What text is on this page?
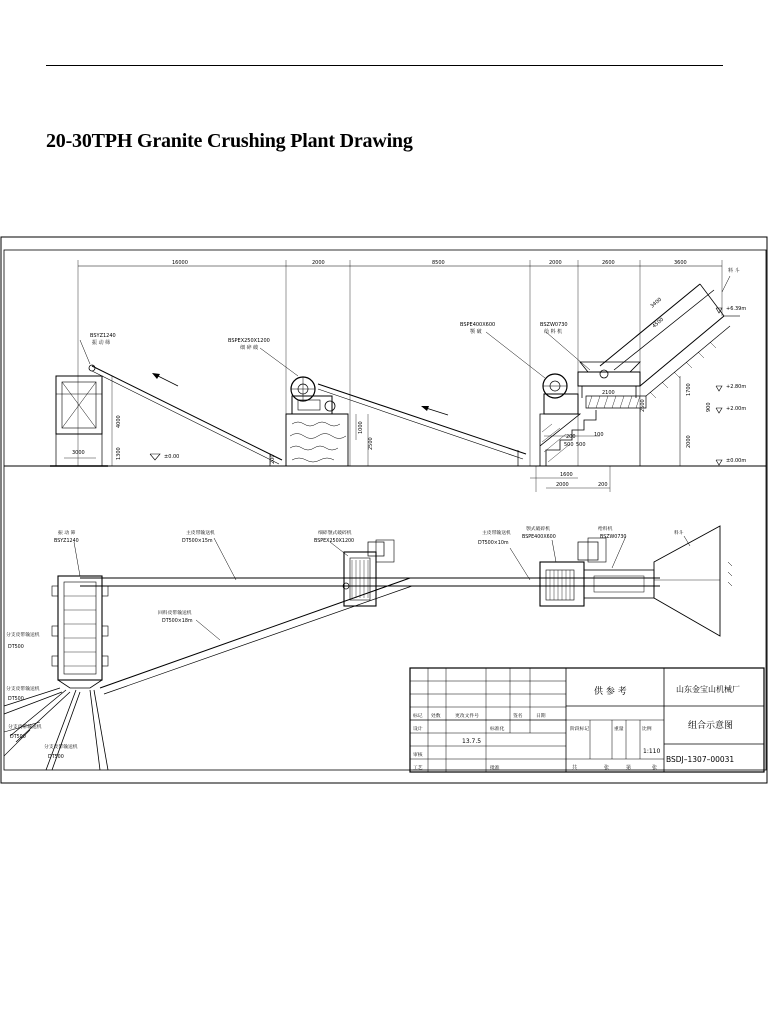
20-30TPH Granite Crushing Plant Drawing
16000	2000	8500	2000	2600	3600
BSYZ1240
振 动 筛	BSPEX250X1200
细 碎 破
BSPE400X600
颚 破
BSZW0730
给 料 机
料 斗
3400
4500
2100
4000
1300
1000
2500
2500
1700
2000
900
200
3000
1600
200
2000
200	100
500
500
±0.00
+6.39m
+2.80m
+2.00m
±0.00m
振 动 筛
BSYZ1240
主皮带输送机
DT500×15m
细碎颚式破碎机
BSPEX250X1200
主皮带输送机
DT500×10m
颚式破碎机
BSPE400X600
给料机
BSZW0730
料斗
回料皮带输送机
DT500×18m
分支皮带输送机
DT500
分支皮带输送机
DT500
分支皮带输送机
DT500
分支皮带输送机
DT500
供 参 考	山东金宝山机械厂
组合示意图
BSDJ–1307–00031
1:110
13.7.5
标记 处数	更改文件号	签名	日期
设计
审核
工艺
标准化
批准
阶段标记	重量	比例
共	张	第	张
